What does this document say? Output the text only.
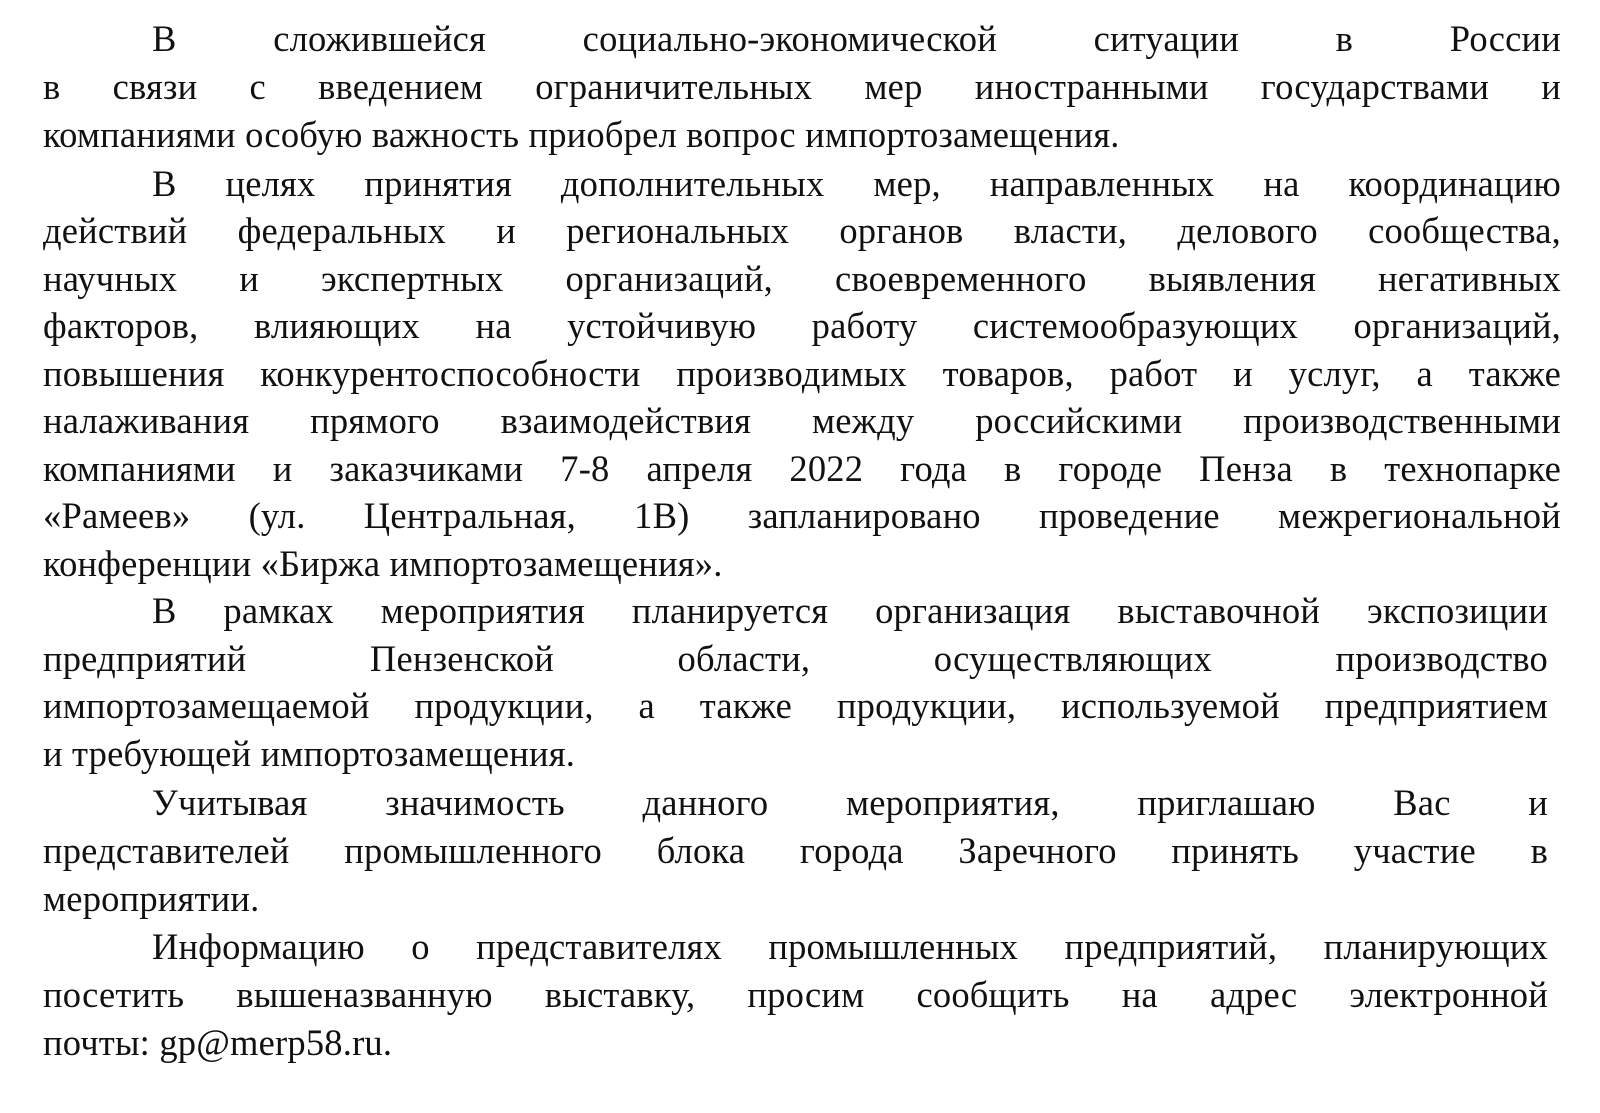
В сложившейся социально-экономической ситуации в России
в связи с введением ограничительных мер иностранными государствами и
компаниями особую важность приобрел вопрос импортозамещения.
В целях принятия дополнительных мер, направленных на координацию
действий федеральных и региональных органов власти, делового сообщества,
научных и экспертных организаций, своевременного выявления негативных
факторов, влияющих на устойчивую работу системообразующих организаций,
повышения конкурентоспособности производимых товаров, работ и услуг, а также
налаживания прямого взаимодействия между российскими производственными
компаниями и заказчиками 7-8 апреля 2022 года в городе Пенза в технопарке
«Рамеев» (ул. Центральная, 1В) запланировано проведение межрегиональной
конференции «Биржа импортозамещения».
В рамках мероприятия планируется организация выставочной экспозиции
предприятий Пензенской области, осуществляющих производство
импортозамещаемой продукции, а также продукции, используемой предприятием
и требующей импортозамещения.
Учитывая значимость данного мероприятия, приглашаю Вас и
представителей промышленного блока города Заречного принять участие в
мероприятии.
Информацию о представителях промышленных предприятий, планирующих
посетить вышеназванную выставку, просим сообщить на адрес электронной
почты: gp@merp58.ru.
